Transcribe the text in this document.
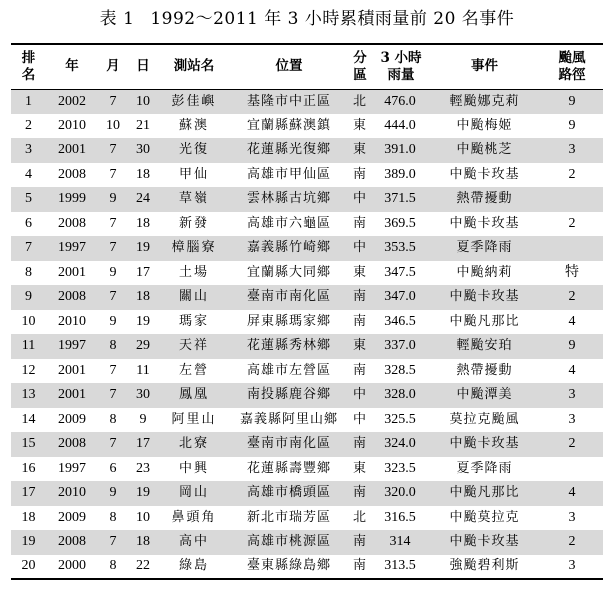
表 1 1992～2011 年 3 小時累積雨量前 20 名事件
排名	年	月	日	測站名	位置	分區	3 小時雨量	事件	颱風路徑
1	2002	7	10	彭佳嶼	基隆市中正區	北	476.0	輕颱娜克莉	9
2	2010	10	21	蘇澳	宜蘭縣蘇澳鎮	東	444.0	中颱梅姬	9
3	2001	7	30	光復	花蓮縣光復鄉	東	391.0	中颱桃芝	3
4	2008	7	18	甲仙	高雄市甲仙區	南	389.0	中颱卡玫基	2
5	1999	9	24	草嶺	雲林縣古坑鄉	中	371.5	熱帶擾動	
6	2008	7	18	新發	高雄市六龜區	南	369.5	中颱卡玫基	2
7	1997	7	19	樟腦寮	嘉義縣竹崎鄉	中	353.5	夏季降雨	
8	2001	9	17	土場	宜蘭縣大同鄉	東	347.5	中颱納莉	特
9	2008	7	18	關山	臺南市南化區	南	347.0	中颱卡玫基	2
10	2010	9	19	瑪家	屏東縣瑪家鄉	南	346.5	中颱凡那比	4
11	1997	8	29	天祥	花蓮縣秀林鄉	東	337.0	輕颱安珀	9
12	2001	7	11	左營	高雄市左營區	南	328.5	熱帶擾動	4
13	2001	7	30	鳳凰	南投縣鹿谷鄉	中	328.0	中颱潭美	3
14	2009	8	9	阿里山	嘉義縣阿里山鄉	中	325.5	莫拉克颱風	3
15	2008	7	17	北寮	臺南市南化區	南	324.0	中颱卡玫基	2
16	1997	6	23	中興	花蓮縣壽豐鄉	東	323.5	夏季降雨	
17	2010	9	19	岡山	高雄市橋頭區	南	320.0	中颱凡那比	4
18	2009	8	10	鼻頭角	新北市瑞芳區	北	316.5	中颱莫拉克	3
19	2008	7	18	高中	高雄市桃源區	南	314	中颱卡玫基	2
20	2000	8	22	綠島	臺東縣綠島鄉	南	313.5	強颱碧利斯	3
